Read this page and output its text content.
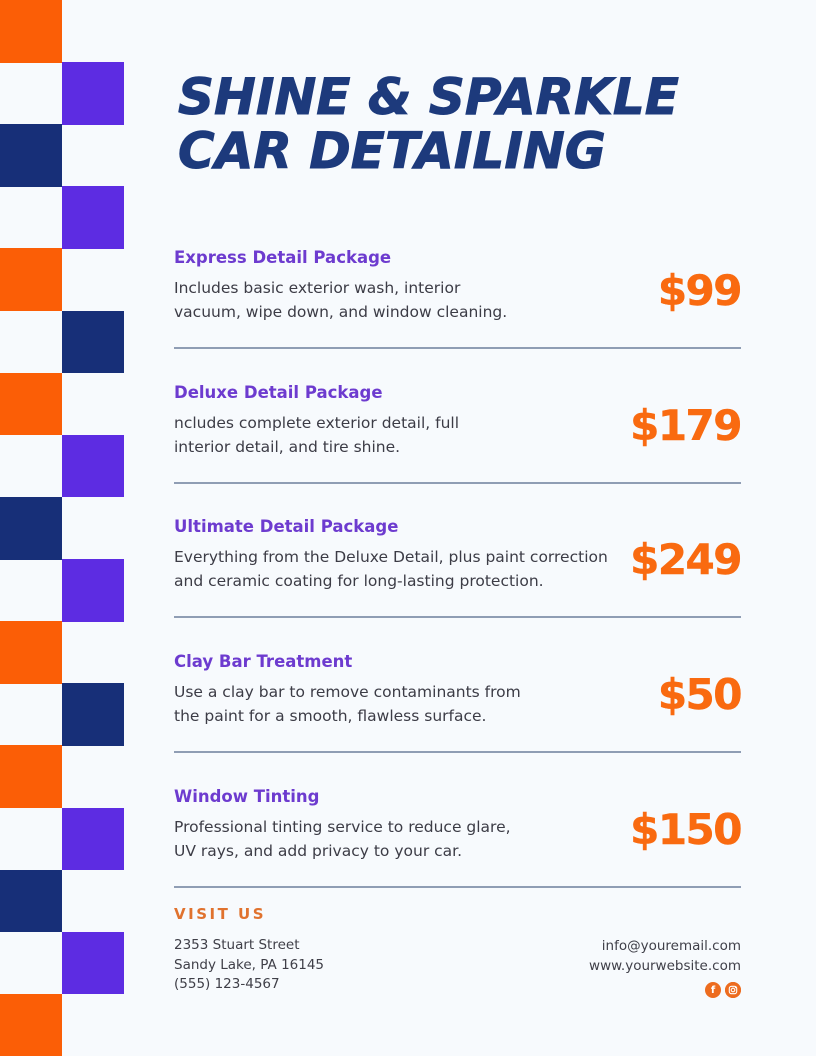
SHINE & SPARKLE CAR DETAILING
Express Detail Package
Includes basic exterior wash, interior
vacuum, wipe down, and window cleaning.	$99
Deluxe Detail Package
ncludes complete exterior detail, full
interior detail, and tire shine.	$179
Ultimate Detail Package
Everything from the Deluxe Detail, plus paint correction
and ceramic coating for long-lasting protection.	$249
Clay Bar Treatment
Use a clay bar to remove contaminants from
the paint for a smooth, flawless surface.	$50
Window Tinting
Professional tinting service to reduce glare,
UV rays, and add privacy to your car.	$150
VISIT US
2353 Stuart Street
Sandy Lake, PA 16145
(555) 123-4567
info@youremail.com
www.yourwebsite.com
f
